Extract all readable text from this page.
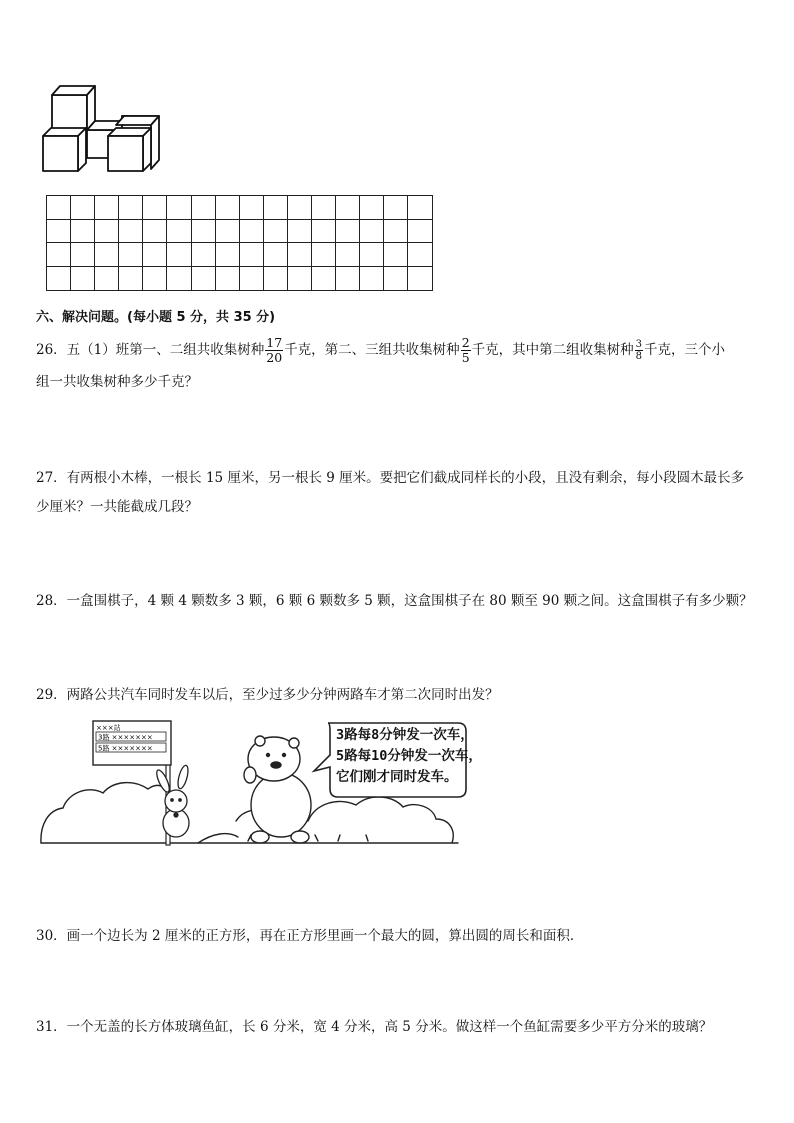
六、解决问题。(每小题 5 分，共 35 分)
26．五（1）班第一、二组共收集树种 $\frac{17}{20}$ 千克，第二、三组共收集树种 $\frac{2}{5}$ 千克，其中第二组收集树种 $\frac{3}{8}$ 千克，三个小
组一共收集树种多少千克？
27．有两根小木棒，一根长 15 厘米，另一根长 9 厘米。要把它们截成同样长的小段，且没有剩余，每小段圆木最长多
少厘米？一共能截成几段？
28．一盒围棋子，4 颗 4 颗数多 3 颗，6 颗 6 颗数多 5 颗，这盒围棋子在 80 颗至 90 颗之间。这盒围棋子有多少颗？
29．两路公共汽车同时发车以后，至少过多少分钟两路车才第二次同时出发？
×××站
3路 ×××××××
5路 ×××××××
3路每8分钟发一次车，
5路每10分钟发一次车，
它们刚才同时发车。
30．画一个边长为 2 厘米的正方形，再在正方形里画一个最大的圆，算出圆的周长和面积．
31．一个无盖的长方体玻璃鱼缸，长 6 分米，宽 4 分米，高 5 分米。做这样一个鱼缸需要多少平方分米的玻璃？
